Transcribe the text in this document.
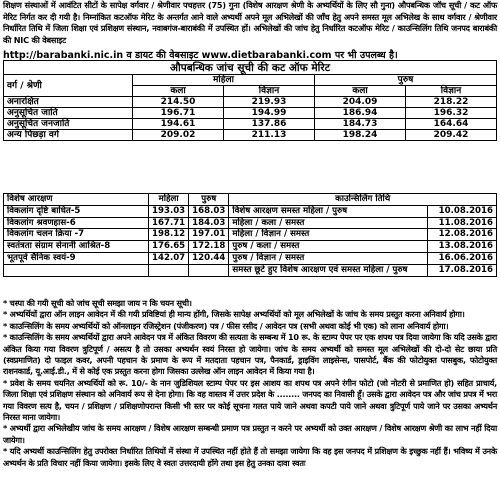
शिक्षण संस्थाओं में आवंटित सीटों के सापेक्ष वर्गवार / श्रेणीवार पचहत्तर (75) गुना (विशेष आरक्षण श्रेणी के अभ्यर्थियों के लिए सौ गुना) औपबन्धिक जॉच सूची / कट ऑफ मेरिट निर्गत कर दी गयी है। निम्नांकित कटऑफ मेरिट के अन्तर्गत आने वाले अभ्यर्थी अपने मूल अभिलेखों की जाँच हेतु अपने समस्त मूल अभिलेख के साथ वर्गवार / श्रेणीवार निर्धारित तिथि में जिला शिक्षा एवं प्रशिक्षण संस्थान, नवाबगंज-बाराबंकी में उपस्थित हों। अभिलेखों की जांच हेतु निर्धारित कटऑफ मेरिट / काउन्सिलिंग तिथि जनपद बाराबंकी की NIC की वेबसाइट
http://barabanki.nic.in व डायट की वेबसाइट www.dietbarabanki.com पर भी उपलब्ध है।
औपबन्धिक जांच सूची की कट ऑफ मेरिट				
वर्ग / श्रेणी	महिला		पुरुष	
	कला	विज्ञान	कला	विज्ञान
अनारक्षित	214.50	219.93	204.09	218.22
अनुसूचित जाति	196.71	194.99	186.94	196.32
अनुसूचित जनजाति	194.61	137.86	184.73	164.64
अन्य पिछड़ा वर्ग	209.02	211.13	198.24	209.42
विशेष आरक्षण	महिला	पुरुष	काउन्सिलिंग तिथि	
विकलांग दृष्टि बाधित-5	193.03	168.03	विशेष आरक्षण समस्त महिला / पुरुष	10.08.2016
विकलांग श्रवणहास-6	167.71	184.03	महिला / कला / समस्त	11.08.2016
विकलांग चलन क्रिया -7	198.12	197.01	महिला / विज्ञान / समस्त	12.08.2016
स्वतंत्रता संग्राम सेनानी आश्रित-8	176.65	172.18	पुरुष / कला / समस्त	13.08.2016
भूतपूर्व सैनिक स्वयं-9	142.07	120.44	पुरुष / विज्ञान / समस्त	16.06.2016
			समस्त छूटे हुए विशेष आरक्षण एवं समस्त महिला / पुरुष	17.08.2016

* चस्पा की गयी सूची को जांच सूची समझा जाय न कि चयन सूची।

* अभ्यर्थियों द्वारा ऑन लाइन आवेदन में की गयी प्रविष्टियां ही मान्य होंगी, जिसके सापेक्ष अभ्यर्थियों को मूल अभिलेखों के जांच के समय प्रस्तुत करना अनिवार्य होगा।

* काउन्सिलिंग के समय अभ्यर्थियों को ऑनलाइन रजिस्ट्रेशन (पंजीकरण) पत्र / फीस रसीद / आवेदन पत्र (सभी अथवा कोई भी एक) को लाना अनिवार्य होगा।

* काउन्सिलिंग के समय अभ्यर्थियों द्वारा अपने आवेदन पत्र में अंकित विवरण की सत्यता के सम्बन्ध में 10 रू. के स्टाम्प पेपर पर एक शपथ पत्र दिया जायेगा कि यदि उसके द्वारा अंकित किया गया विवरण त्रुटिपूर्ण / असत्य है तो उसका अभ्यर्थन स्वयं निरस्त हो जायेगा। जांच के समय अभ्यर्थी को समस्त मूल अभिलेखों की दो-दो सेट छाया प्रति (स्वप्रमाणित) दो फाइल कवर, अपनी पहचान के प्रमाण के रूप में मतदाता पहचान पत्र, पैनकार्ड, ड्राइविंग लाइसेन्स, पासपोर्ट, बैंक की फोटोयुक्त पासबुक, फोटोयुक्त राशनकार्ड, यू.आई.डी., में से कोई एक प्रस्तुत करना होगा जिसका उल्लेख ऑन लाइन आवेदन में किया गया है।

* प्रवेश के समय चयनित अभ्यर्थियों को रू. 10/- के नान जुडिशियल स्टाम्प पेपर पर इस आशय का शपथ पत्र अपने रंगीन फोटो (जो नोटरी से प्रमाणित हो) सहित प्राचार्य, जिला शिक्षा एवं प्रशिक्षण संस्थान को अनिवार्य रूप से देना होगा। कि वह वास्तव में उत्तर प्रदेश के ........ जनपद का निवासी हूँ। उसके द्वारा आवेदन पत्र और जांच प्रपत्र में भरा गया विवरण सत्य है, चयन / प्रशिक्षण / प्रशिक्षणोपरान्त किसी भी स्तर पर कोई सूचना गलत पाये जाने अथवा कपटी पाये जाने अथवा त्रुटिपूर्ण पाये जाने पर उसका अभ्यर्थन निरस्त माना जायेगा।

* अभ्यर्थी द्वारा अभिलेखीय जांच के समय आरक्षण / विशेष आरक्षण सम्बन्धी प्रमाण पत्र प्रस्तुत न करने पर अभ्यर्थी को उक्त आरक्षण / विशेष आरक्षण श्रेणी का लाभ नहीं दिया जायेगा।

* यदि अभ्यर्थी काउन्सिलिंग हेतु उपरोक्त निर्धारित तिथियों में संस्था में उपस्थित नहीं होते हैं तो समझा जायेगा कि वह इस जनपद में प्रशिक्षण के इच्छुक नहीं हैं। भविष्य में उनके अभ्यर्थन के प्रति विचार नहीं किया जायेगा। इसके लिए वे स्वतः उत्तरदायी होंगे तथा इस हेतु उनका दावा स्वतः
